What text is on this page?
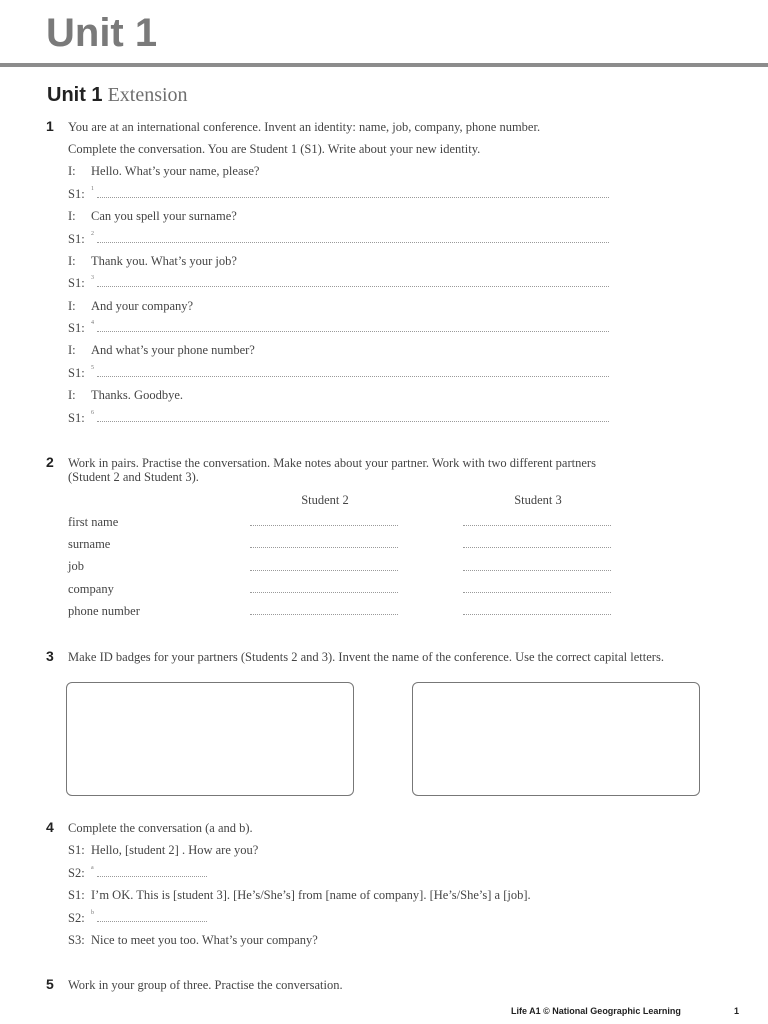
Unit 1
Unit 1 Extension
1 You are at an international conference. Invent an identity: name, job, company, phone number.
Complete the conversation. You are Student 1 (S1). Write about your new identity.
I: Hello. What’s your name, please?
S1: 1
I: Can you spell your surname?
S1: 2
I: Thank you. What’s your job?
S1: 3
I: And your company?
S1: 4
I: And what’s your phone number?
S1: 5
I: Thanks. Goodbye.
S1: 6
2 Work in pairs. Practise the conversation. Make notes about your partner. Work with two different partners
(Student 2 and Student 3).
Student 2	Student 3
first name
surname
job
company
phone number
3 Make ID badges for your partners (Students 2 and 3). Invent the name of the conference. Use the correct capital letters.
4 Complete the conversation (a and b).
S1: Hello, [student 2] . How are you?
S2: a
S1: I’m OK. This is [student 3]. [He’s/She’s] from [name of company]. [He’s/She’s] a [job].
S2: b
S3: Nice to meet you too. What’s your company?
5 Work in your group of three. Practise the conversation.
Life A1 © National Geographic Learning	1
